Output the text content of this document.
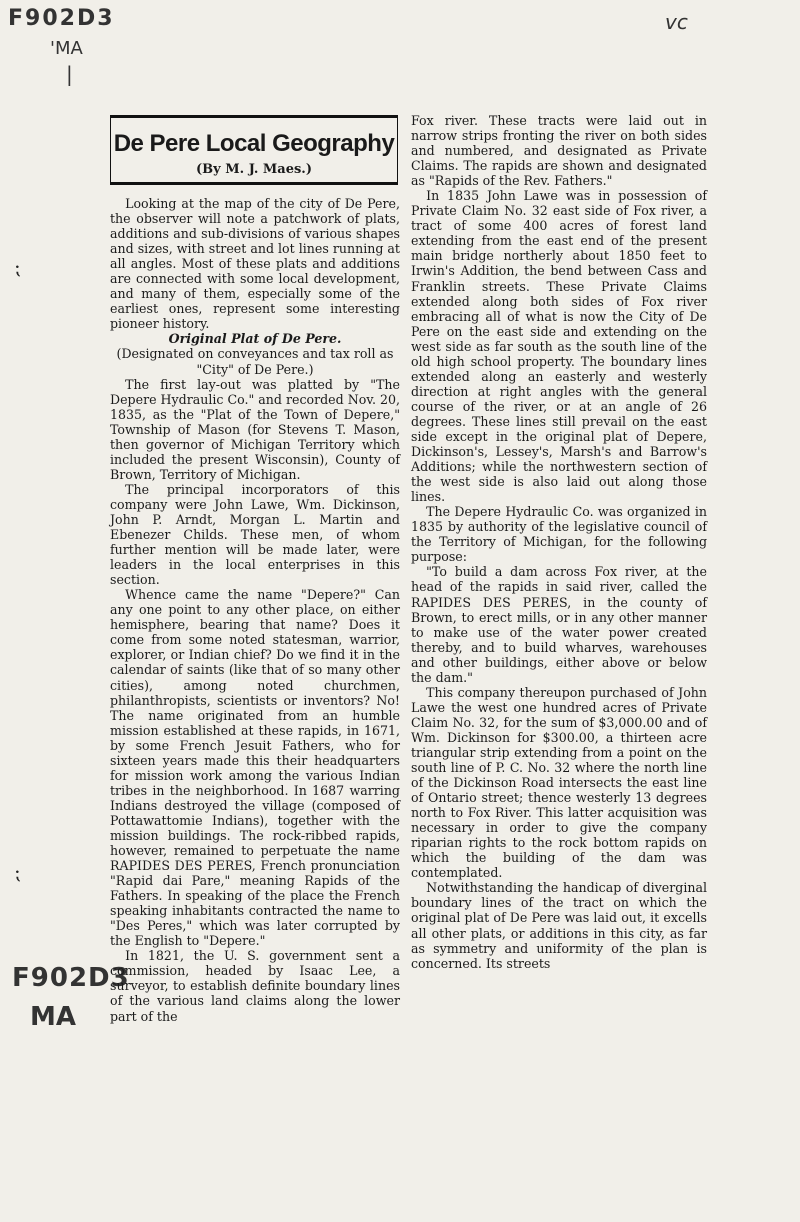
F902D3
'MA
|
vc
F902D3
MA
⁏
⁏
De Pere Local Geography
(By M. J. Maes.)

Looking at the map of the city of De Pere, the observer will note a patchwork of plats, additions and sub-divisions of various shapes and sizes, with street and lot lines running at all angles. Most of these plats and additions are connected with some local development, and many of them, especially some of the earliest ones, represent some interesting pioneer history.

Original Plat of De Pere.

(Designated on conveyances and tax roll as "City" of De Pere.)

The first lay-out was platted by "The Depere Hydraulic Co." and recorded Nov. 20, 1835, as the "Plat of the Town of Depere," Township of Mason (for Stevens T. Mason, then governor of Michigan Territory which included the present Wisconsin), County of Brown, Territory of Michigan.

The principal incorporators of this company were John Lawe, Wm. Dickinson, John P. Arndt, Morgan L. Martin and Ebenezer Childs. These men, of whom further mention will be made later, were leaders in the local enterprises in this section.

Whence came the name "Depere?" Can any one point to any other place, on either hemisphere, bearing that name? Does it come from some noted statesman, warrior, explorer, or Indian chief? Do we find it in the calendar of saints (like that of so many other cities), among noted churchmen, philanthropists, scientists or inventors? No! The name originated from an humble mission established at these rapids, in 1671, by some French Jesuit Fathers, who for sixteen years made this their headquarters for mission work among the various Indian tribes in the neighborhood. In 1687 warring Indians destroyed the village (composed of Pottawattomie Indians), together with the mission buildings. The rock-ribbed rapids, however, remained to perpetuate the name RAPIDES DES PERES, French pronunciation "Rapid dai Pare," meaning Rapids of the Fathers. In speaking of the place the French speaking inhabitants contracted the name to "Des Peres," which was later corrupted by the English to "Depere."

In 1821, the U. S. government sent a commission, headed by Isaac Lee, a surveyor, to establish definite boundary lines of the various land claims along the lower part of the

Fox river. These tracts were laid out in narrow strips fronting the river on both sides and numbered, and designated as Private Claims. The rapids are shown and designated as "Rapids of the Rev. Fathers."

In 1835 John Lawe was in possession of Private Claim No. 32 east side of Fox river, a tract of some 400 acres of forest land extending from the east end of the present main bridge northerly about 1850 feet to Irwin's Addition, the bend between Cass and Franklin streets. These Private Claims extended along both sides of Fox river embracing all of what is now the City of De Pere on the east side and extending on the west side as far south as the south line of the old high school property. The boundary lines extended along an easterly and westerly direction at right angles with the general course of the river, or at an angle of 26 degrees. These lines still prevail on the east side except in the original plat of Depere, Dickinson's, Lessey's, Marsh's and Barrow's Additions; while the northwestern section of the west side is also laid out along those lines.

The Depere Hydraulic Co. was organized in 1835 by authority of the legislative council of the Territory of Michigan, for the following purpose:

"To build a dam across Fox river, at the head of the rapids in said river, called the RAPIDES DES PERES, in the county of Brown, to erect mills, or in any other manner to make use of the water power created thereby, and to build wharves, warehouses and other buildings, either above or below the dam."

This company thereupon purchased of John Lawe the west one hundred acres of Private Claim No. 32, for the sum of $3,000.00 and of Wm. Dickinson for $300.00, a thirteen acre triangular strip extending from a point on the south line of P. C. No. 32 where the north line of the Dickinson Road intersects the east line of Ontario street; thence westerly 13 degrees north to Fox River. This latter acquisition was necessary in order to give the company riparian rights to the rock bottom rapids on which the building of the dam was contemplated.

Notwithstanding the handicap of diverginal boundary lines of the tract on which the original plat of De Pere was laid out, it excells all other plats, or additions in this city, as far as symmetry and uniformity of the plan is concerned. Its streets
